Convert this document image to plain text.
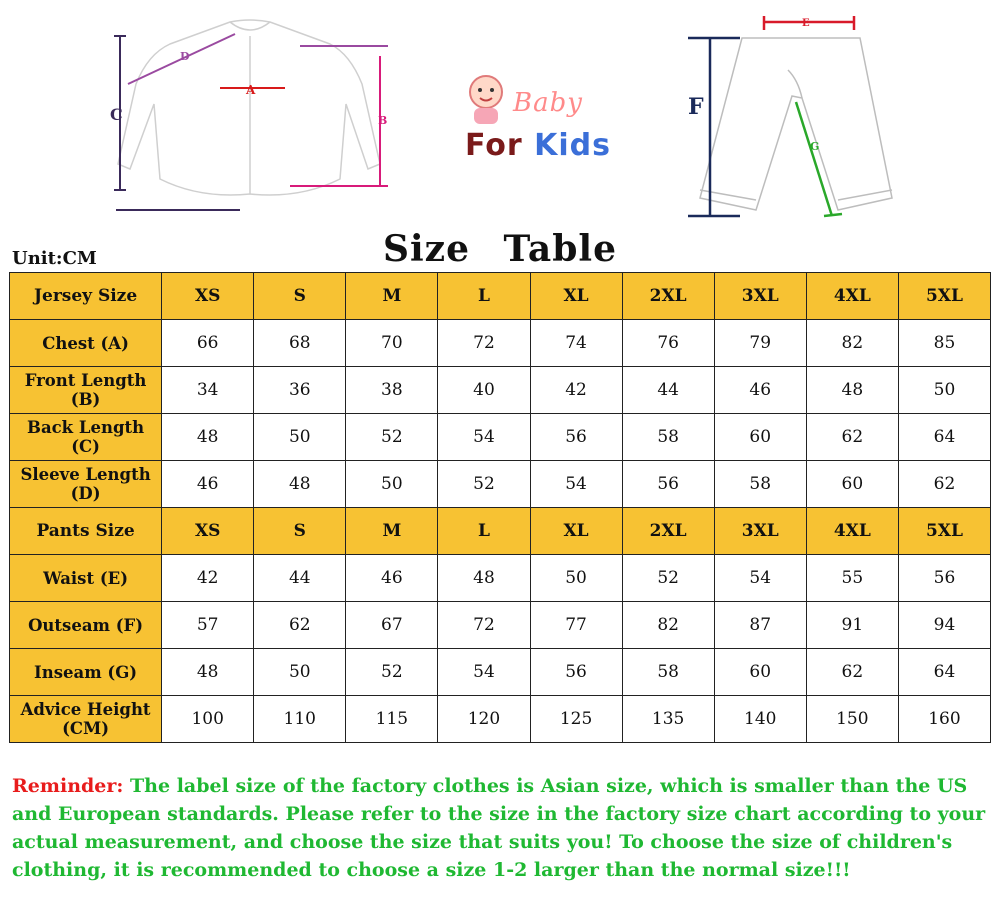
C	B
D
A	Baby
For Kids
E
F
G
Unit:CM	Size Table
Jersey Size	XS	S	M	L	XL	2XL	3XL	4XL	5XL
Chest (A)	66	68	70	72	74	76	79	82	85
Front Length (B)	34	36	38	40	42	44	46	48	50
Back Length (C)	48	50	52	54	56	58	60	62	64
Sleeve Length (D)	46	48	50	52	54	56	58	60	62
Pants Size	XS	S	M	L	XL	2XL	3XL	4XL	5XL
Waist (E)	42	44	46	48	50	52	54	55	56
Outseam (F)	57	62	67	72	77	82	87	91	94
Inseam (G)	48	50	52	54	56	58	60	62	64
Advice Height (CM)	100	110	115	120	125	135	140	150	160
Reminder: The label size of the factory clothes is Asian size, which is smaller than the US and European standards. Please refer to the size in the factory size chart according to your actual measurement, and choose the size that suits you! To choose the size of children's clothing, it is recommended to choose a size 1-2 larger than the normal size!!!
